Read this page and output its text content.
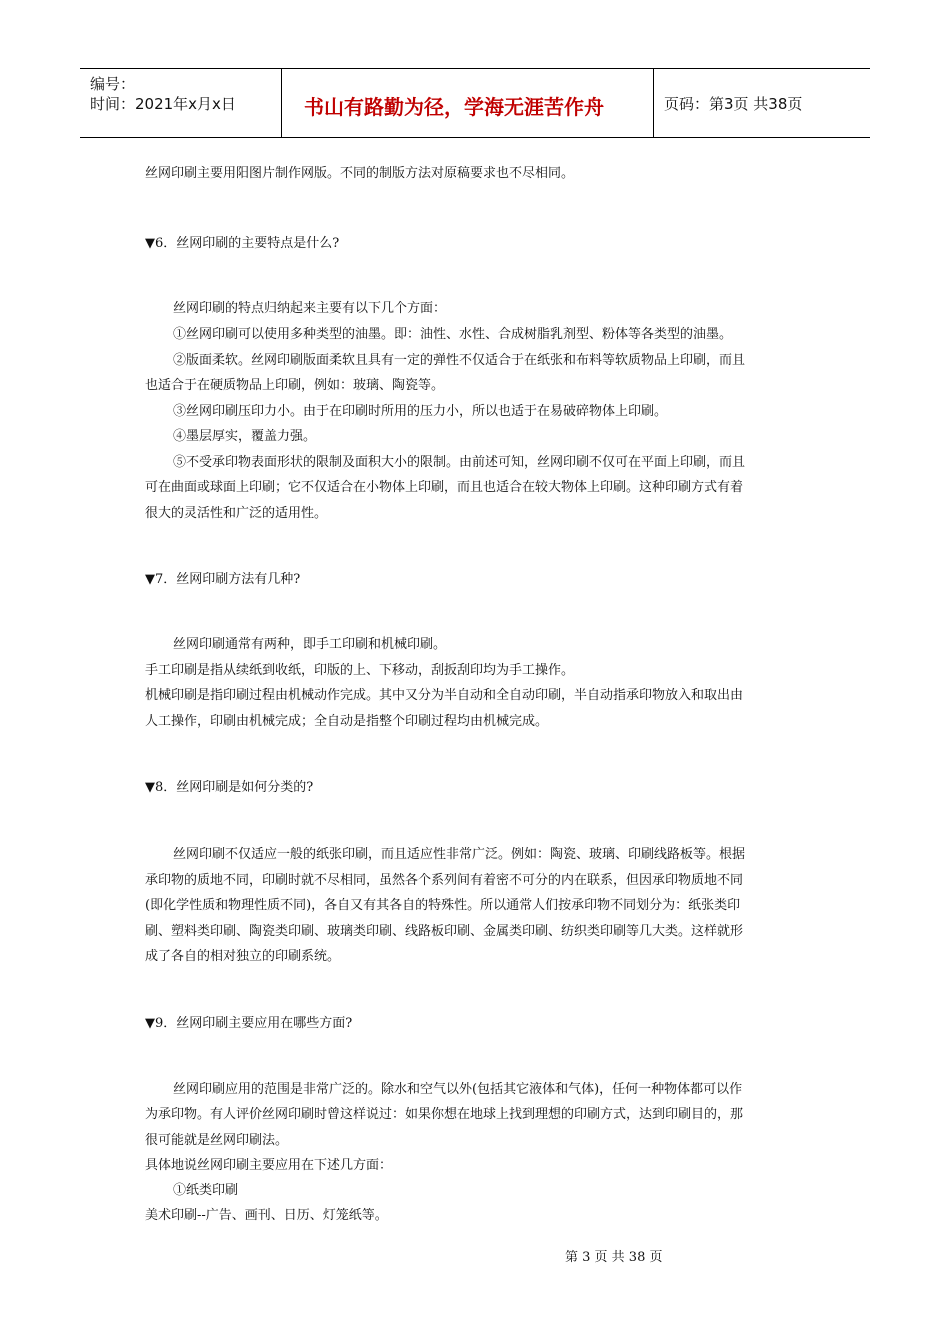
编号：
时间：2021年x月x日	书山有路勤为径，学海无涯苦作舟	页码：第3页 共38页
丝网印刷主要用阳图片制作网版。不同的制版方法对原稿要求也不尽相同。
▼6．丝网印刷的主要特点是什么?
丝网印刷的特点归纳起来主要有以下几个方面：
①丝网印刷可以使用多种类型的油墨。即：油性、水性、合成树脂乳剂型、粉体等各类型的油墨。
②版面柔软。丝网印刷版面柔软且具有一定的弹性不仅适合于在纸张和布料等软质物品上印刷，而且
也适合于在硬质物品上印刷，例如：玻璃、陶瓷等。
③丝网印刷压印力小。由于在印刷时所用的压力小，所以也适于在易破碎物体上印刷。
④墨层厚实，覆盖力强。
⑤不受承印物表面形状的限制及面积大小的限制。由前述可知，丝网印刷不仅可在平面上印刷，而且
可在曲面或球面上印刷；它不仅适合在小物体上印刷，而且也适合在较大物体上印刷。这种印刷方式有着
很大的灵活性和广泛的适用性。
▼7．丝网印刷方法有几种?
丝网印刷通常有两种，即手工印刷和机械印刷。
手工印刷是指从续纸到收纸，印版的上、下移动，刮扳刮印均为手工操作。
机械印刷是指印刷过程由机械动作完成。其中又分为半自动和全自动印刷，半自动指承印物放入和取出由
人工操作，印刷由机械完成；全自动是指整个印刷过程均由机械完成。
▼8．丝网印刷是如何分类的?
丝网印刷不仅适应一般的纸张印刷，而且适应性非常广泛。例如：陶瓷、玻璃、印刷线路板等。根据
承印物的质地不同，印刷时就不尽相同，虽然各个系列间有着密不可分的内在联系，但因承印物质地不同
(即化学性质和物理性质不同)，各自又有其各自的特殊性。所以通常人们按承印物不同划分为：纸张类印
刷、塑料类印刷、陶瓷类印刷、玻璃类印刷、线路板印刷、金属类印刷、纺织类印刷等几大类。这样就形
成了各自的相对独立的印刷系统。
▼9．丝网印刷主要应用在哪些方面?
丝网印刷应用的范围是非常广泛的。除水和空气以外(包括其它液体和气体)，任何一种物体都可以作
为承印物。有人评价丝网印刷时曾这样说过：如果你想在地球上找到理想的印刷方式，达到印刷目的，那
很可能就是丝网印刷法。
具体地说丝网印刷主要应用在下述几方面：
①纸类印刷
美术印刷--广告、画刊、日历、灯笼纸等。
第 3 页 共 38 页
